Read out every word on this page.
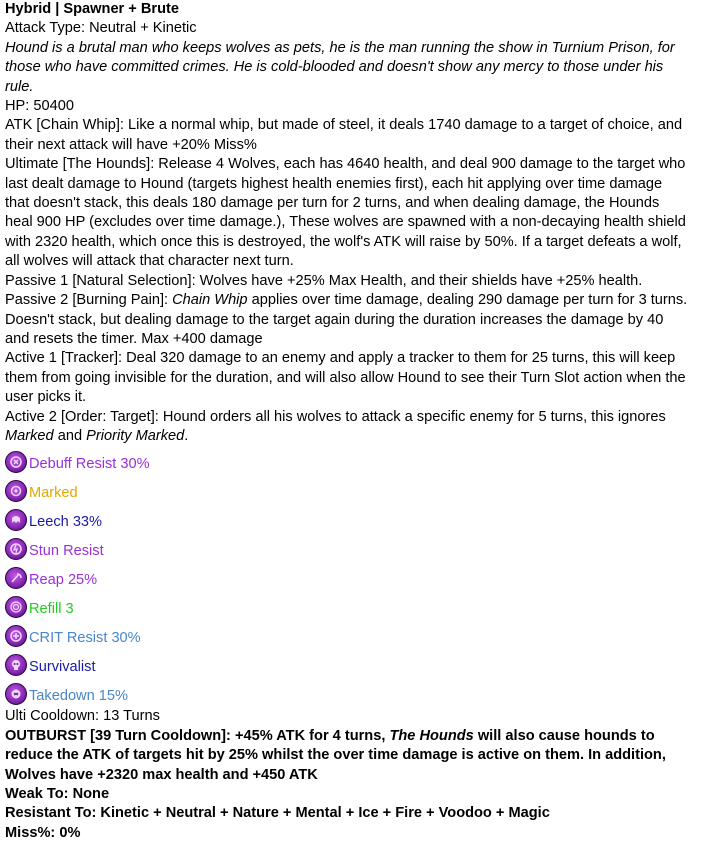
Hybrid | Spawner + Brute

Attack Type: Neutral + Kinetic

Hound is a brutal man who keeps wolves as pets, he is the man running the show in Turnium Prison, for those who have committed crimes. He is cold-blooded and doesn't show any mercy to those under his rule.

HP: 50400

ATK [Chain Whip]: Like a normal whip, but made of steel, it deals 1740 damage to a target of choice, and their next attack will have +20% Miss%

Ultimate [The Hounds]: Release 4 Wolves, each has 4640 health, and deal 900 damage to the target who last dealt damage to Hound (targets highest health enemies first), each hit applying over time damage that doesn't stack, this deals 180 damage per turn for 2 turns, and when dealing damage, the Hounds heal 900 HP (excludes over time damage.), These wolves are spawned with a non-decaying health shield with 2320 health, which once this is destroyed, the wolf's ATK will raise by 50%. If a target defeats a wolf, all wolves will attack that character next turn.

Passive 1 [Natural Selection]: Wolves have +25% Max Health, and their shields have +25% health.

Passive 2 [Burning Pain]: Chain Whip applies over time damage, dealing 290 damage per turn for 3 turns. Doesn't stack, but dealing damage to the target again during the duration increases the damage by 40 and resets the timer. Max +400 damage

Active 1 [Tracker]: Deal 320 damage to an enemy and apply a tracker to them for 25 turns, this will keep them from going invisible for the duration, and will also allow Hound to see their Turn Slot action when the user picks it.

Active 2 [Order: Target]: Hound orders all his wolves to attack a specific enemy for 5 turns, this ignores Marked and Priority Marked.

Debuff Resist 30%
Marked
Leech 33%
Stun Resist
Reap 25%
Refill 3
CRIT Resist 30%
Survivalist
Takedown 15%

Ulti Cooldown: 13 Turns

OUTBURST [39 Turn Cooldown]: +45% ATK for 4 turns, The Hounds will also cause hounds to reduce the ATK of targets hit by 25% whilst the over time damage is active on them. In addition, Wolves have +2320 max health and +450 ATK

Weak To: None

Resistant To: Kinetic + Neutral + Nature + Mental + Ice + Fire + Voodoo + Magic

Miss%: 0%
